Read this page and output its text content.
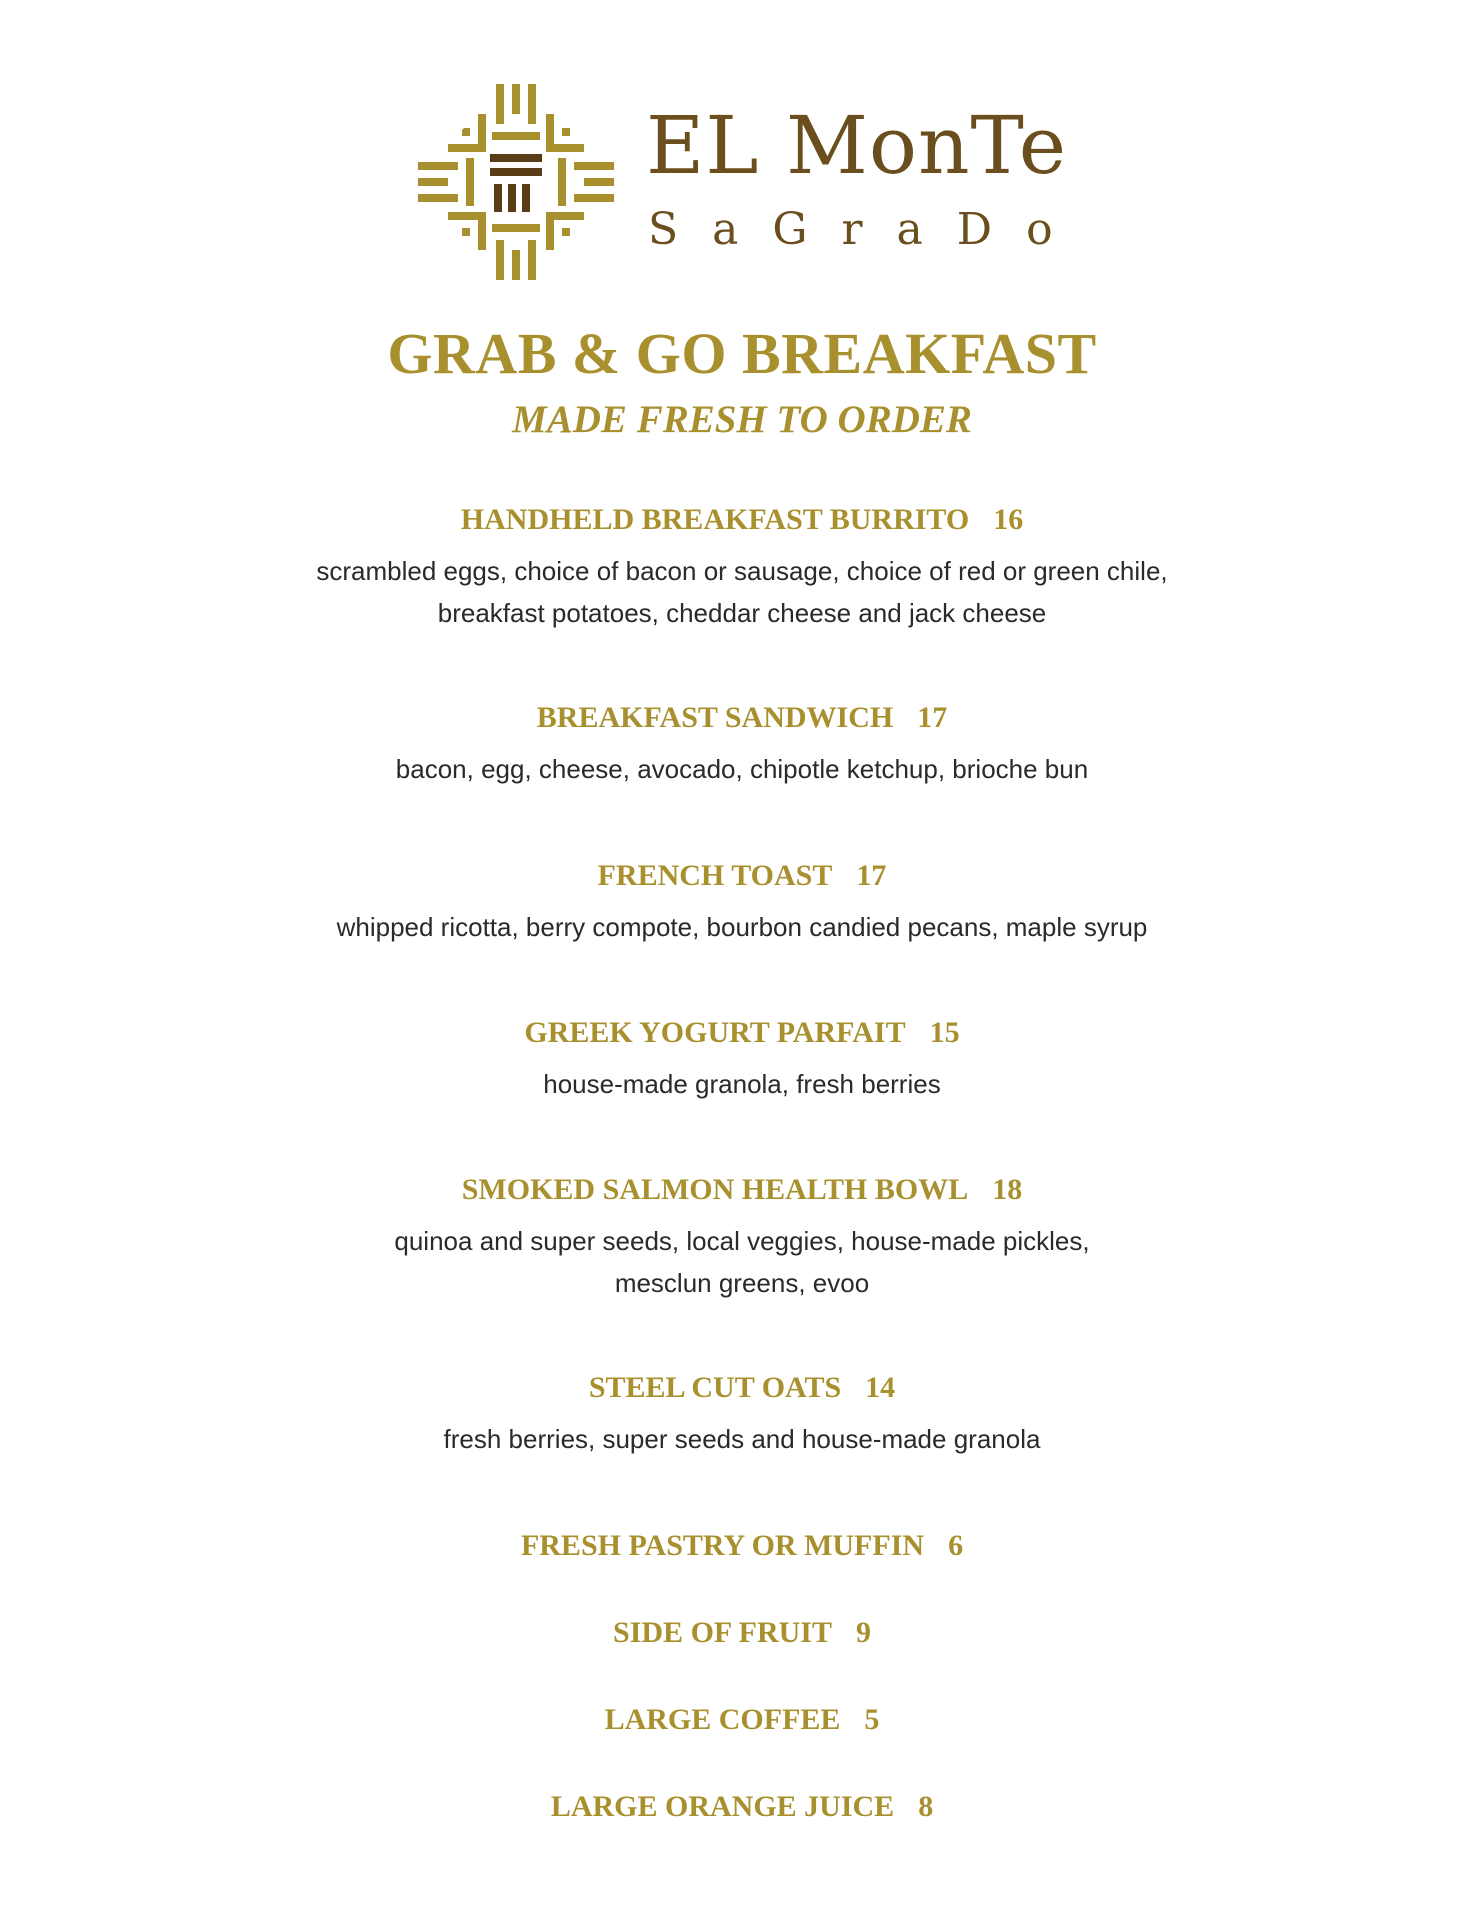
EL MonTe
SaGraDo
GRAB & GO BREAKFAST
MADE FRESH TO ORDER
HANDHELD BREAKFAST BURRITO 16
scrambled eggs, choice of bacon or sausage, choice of red or green chile,
breakfast potatoes, cheddar cheese and jack cheese
BREAKFAST SANDWICH 17
bacon, egg, cheese, avocado, chipotle ketchup, brioche bun
FRENCH TOAST 17
whipped ricotta, berry compote, bourbon candied pecans, maple syrup
GREEK YOGURT PARFAIT 15
house-made granola, fresh berries
SMOKED SALMON HEALTH BOWL 18
quinoa and super seeds, local veggies, house-made pickles,
mesclun greens, evoo
STEEL CUT OATS 14
fresh berries, super seeds and house-made granola
FRESH PASTRY OR MUFFIN 6
SIDE OF FRUIT 9
LARGE COFFEE 5
LARGE ORANGE JUICE 8
